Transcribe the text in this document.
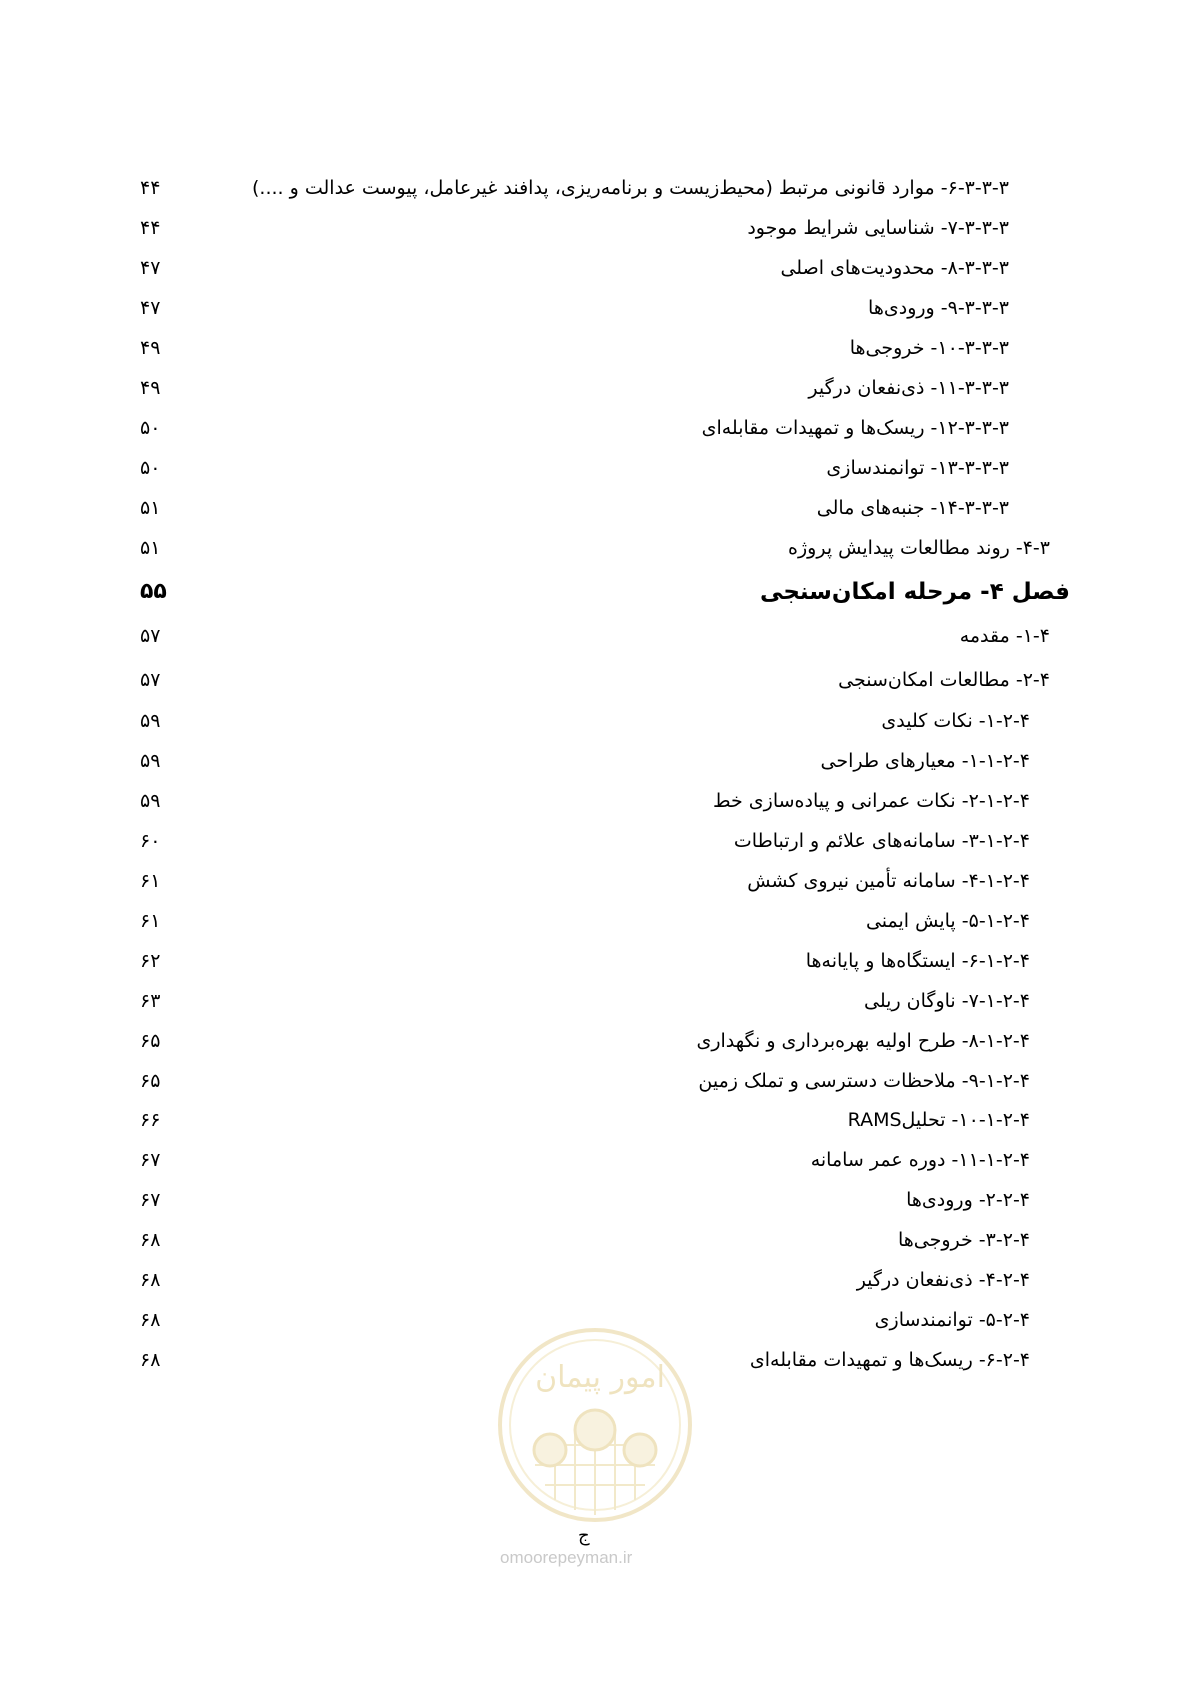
۶-۳-۳-۳- موارد قانونی مرتبط (محیط‌زیست و برنامه‌ریزی، پدافند غیرعامل، پیوست عدالت و ....)
۴۴
۷-۳-۳-۳- شناسایی شرایط موجود
۴۴
۸-۳-۳-۳- محدودیت‌های اصلی
۴۷
۹-۳-۳-۳- ورودی‌ها
۴۷
۱۰-۳-۳-۳- خروجی‌ها
۴۹
۱۱-۳-۳-۳- ذی‌نفعان درگیر
۴۹
۱۲-۳-۳-۳- ریسک‌ها و تمهیدات مقابله‌ای
۵۰
۱۳-۳-۳-۳- توانمندسازی
۵۰
۱۴-۳-۳-۳- جنبه‌های مالی
۵۱
۴-۳- روند مطالعات پیدایش پروژه
۵۱
فصل ۴- مرحله امکان‌سنجی
۵۵
۱-۴- مقدمه
۵۷
۲-۴- مطالعات امکان‌سنجی
۵۷
۱-۲-۴- نکات کلیدی
۵۹
۱-۱-۲-۴- معیارهای طراحی
۵۹
۲-۱-۲-۴- نکات عمرانی و پیاده‌سازی خط
۵۹
۳-۱-۲-۴- سامانه‌های علائم و ارتباطات
۶۰
۴-۱-۲-۴- سامانه تأمین نیروی کشش
۶۱
۵-۱-۲-۴- پایش ایمنی
۶۱
۶-۱-۲-۴- ایستگاه‌ها و پایانه‌ها
۶۲
۷-۱-۲-۴- ناوگان ریلی
۶۳
۸-۱-۲-۴- طرح اولیه بهره‌برداری و نگهداری
۶۵
۹-۱-۲-۴- ملاحظات دسترسی و تملک زمین
۶۵
۱۰-۱-۲-۴- تحلیلRAMS
۶۶
۱۱-۱-۲-۴- دوره عمر سامانه
۶۷
۲-۲-۴- ورودی‌ها
۶۷
۳-۲-۴- خروجی‌ها
۶۸
۴-۲-۴- ذی‌نفعان درگیر
۶۸
۵-۲-۴- توانمندسازی
۶۸
۶-۲-۴- ریسک‌ها و تمهیدات مقابله‌ای
۶۸	امور پیمان
ج
omoorepeyman.ir
